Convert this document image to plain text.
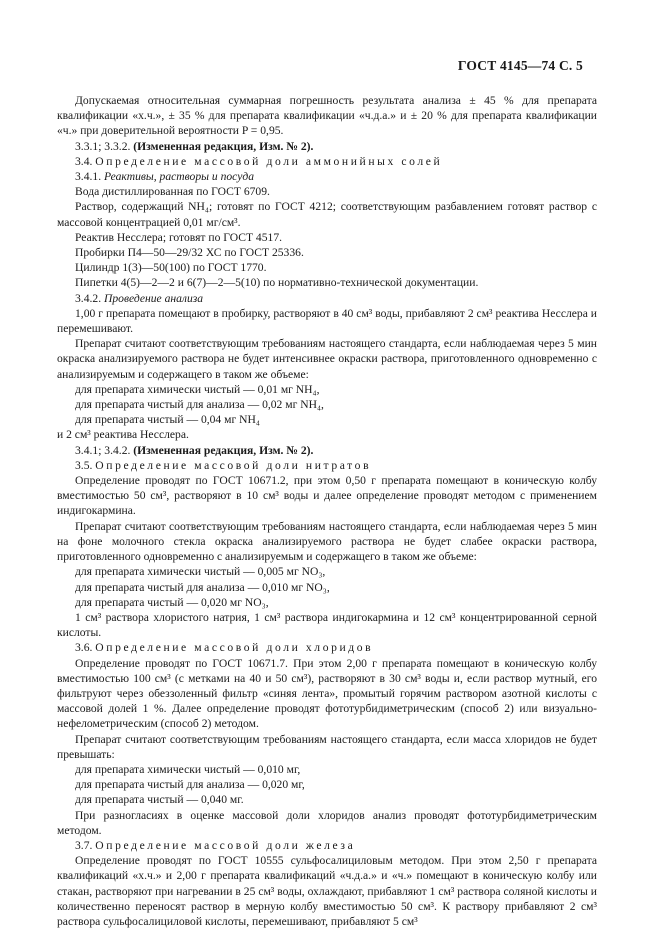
ГОСТ 4145—74 С. 5
Допускаемая относительная суммарная погрешность результата анализа ± 45 % для препарата квалификации «х.ч.», ± 35 % для препарата квалификации «ч.д.а.» и ± 20 % для препарата квалификации «ч.» при доверительной вероятности P = 0,95.
3.3.1; 3.3.2. (Измененная редакция, Изм. № 2).
3.4. Определение массовой доли аммонийных солей
3.4.1. Реактивы, растворы и посуда
Вода дистиллированная по ГОСТ 6709.
Раствор, содержащий NH₄; готовят по ГОСТ 4212; соответствующим разбавлением готовят раствор с массовой концентрацией 0,01 мг/см³.
Реактив Несслера; готовят по ГОСТ 4517.
Пробирки П4—50—29/32 ХС по ГОСТ 25336.
Цилиндр 1(3)—50(100) по ГОСТ 1770.
Пипетки 4(5)—2—2 и 6(7)—2—5(10) по нормативно-технической документации.
3.4.2. Проведение анализа
1,00 г препарата помещают в пробирку, растворяют в 40 см³ воды, прибавляют 2 см³ реактива Несслера и перемешивают.
Препарат считают соответствующим требованиям настоящего стандарта, если наблюдаемая через 5 мин окраска анализируемого раствора не будет интенсивнее окраски раствора, приготовленного одновременно с анализируемым и содержащего в таком же объеме:
для препарата химически чистый — 0,01 мг NH₄,
для препарата чистый для анализа — 0,02 мг NH₄,
для препарата чистый — 0,04 мг NH₄
и 2 см³ реактива Несслера.
3.4.1; 3.4.2. (Измененная редакция, Изм. № 2).
3.5. Определение массовой доли нитратов
Определение проводят по ГОСТ 10671.2, при этом 0,50 г препарата помещают в коническую колбу вместимостью 50 см³, растворяют в 10 см³ воды и далее определение проводят методом с применением индигокармина.
Препарат считают соответствующим требованиям настоящего стандарта, если наблюдаемая через 5 мин на фоне молочного стекла окраска анализируемого раствора не будет слабее окраски раствора, приготовленного одновременно с анализируемым и содержащего в таком же объеме:
для препарата химически чистый — 0,005 мг NO₃,
для препарата чистый для анализа — 0,010 мг NO₃,
для препарата чистый — 0,020 мг NO₃,
1 см³ раствора хлористого натрия, 1 см³ раствора индигокармина и 12 см³ концентрированной серной кислоты.
3.6. Определение массовой доли хлоридов
Определение проводят по ГОСТ 10671.7. При этом 2,00 г препарата помещают в коническую колбу вместимостью 100 см³ (с метками на 40 и 50 см³), растворяют в 30 см³ воды и, если раствор мутный, его фильтруют через обеззоленный фильтр «синяя лента», промытый горячим раствором азотной кислоты с массовой долей 1 %. Далее определение проводят фототурбидиметрическим (способ 2) или визуально-нефелометрическим (способ 2) методом.
Препарат считают соответствующим требованиям настоящего стандарта, если масса хлоридов не будет превышать:
для препарата химически чистый — 0,010 мг,
для препарата чистый для анализа — 0,020 мг,
для препарата чистый — 0,040 мг.
При разногласиях в оценке массовой доли хлоридов анализ проводят фототурбидиметрическим методом.
3.7. Определение массовой доли железа
Определение проводят по ГОСТ 10555 сульфосалициловым методом. При этом 2,50 г препарата квалификаций «х.ч.» и 2,00 г препарата квалификаций «ч.д.а.» и «ч.» помещают в коническую колбу или стакан, растворяют при нагревании в 25 см³ воды, охлаждают, прибавляют 1 см³ раствора соляной кислоты и количественно переносят раствор в мерную колбу вместимостью 50 см³. К раствору прибавляют 2 см³ раствора сульфосалициловой кислоты, перемешивают, прибавляют 5 см³
